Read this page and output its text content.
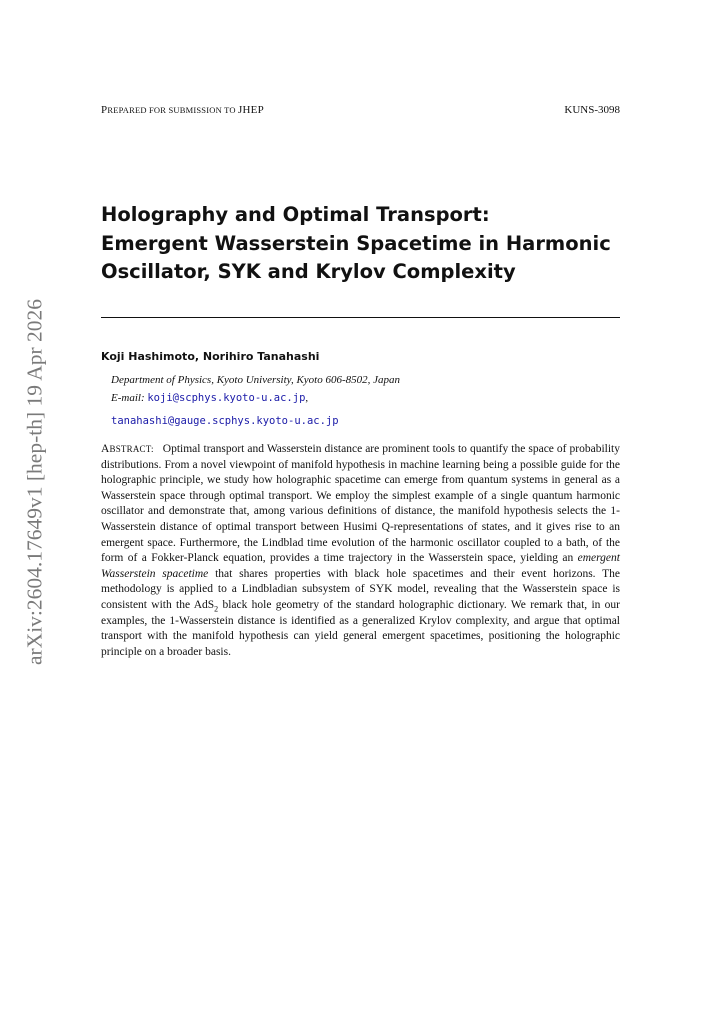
arXiv:2604.17649v1 [hep-th] 19 Apr 2026
PREPARED FOR SUBMISSION TO JHEP	KUNS-3098
Holography and Optimal Transport:
Emergent Wasserstein Spacetime in Harmonic
Oscillator, SYK and Krylov Complexity
Koji Hashimoto, Norihiro Tanahashi
Department of Physics, Kyoto University, Kyoto 606-8502, Japan
E-mail: koji@scphys.kyoto-u.ac.jp,
tanahashi@gauge.scphys.kyoto-u.ac.jp

ABSTRACT: Optimal transport and Wasserstein distance are prominent tools to quantify the space of probability distributions. From a novel viewpoint of manifold hypothesis in machine learning being a possible guide for the holographic principle, we study how holographic spacetime can emerge from quantum systems in general as a Wasserstein space through optimal transport. We employ the simplest example of a single quantum harmonic oscillator and demonstrate that, among various definitions of distance, the manifold hypothesis selects the 1-Wasserstein distance of optimal transport between Husimi Q-representations of states, and it gives rise to an emergent space. Furthermore, the Lindblad time evolution of the harmonic oscillator coupled to a bath, of the form of a Fokker-Planck equation, provides a time trajectory in the Wasserstein space, yielding an emergent Wasserstein spacetime that shares properties with black hole spacetimes and their event horizons. The methodology is applied to a Lindbladian subsystem of SYK model, revealing that the Wasserstein space is consistent with the AdS$_2$ black hole geometry of the standard holographic dictionary. We remark that, in our examples, the 1-Wasserstein distance is identified as a generalized Krylov complexity, and argue that optimal transport with the manifold hypothesis can yield general emergent spacetimes, positioning the holographic principle on a broader basis.
